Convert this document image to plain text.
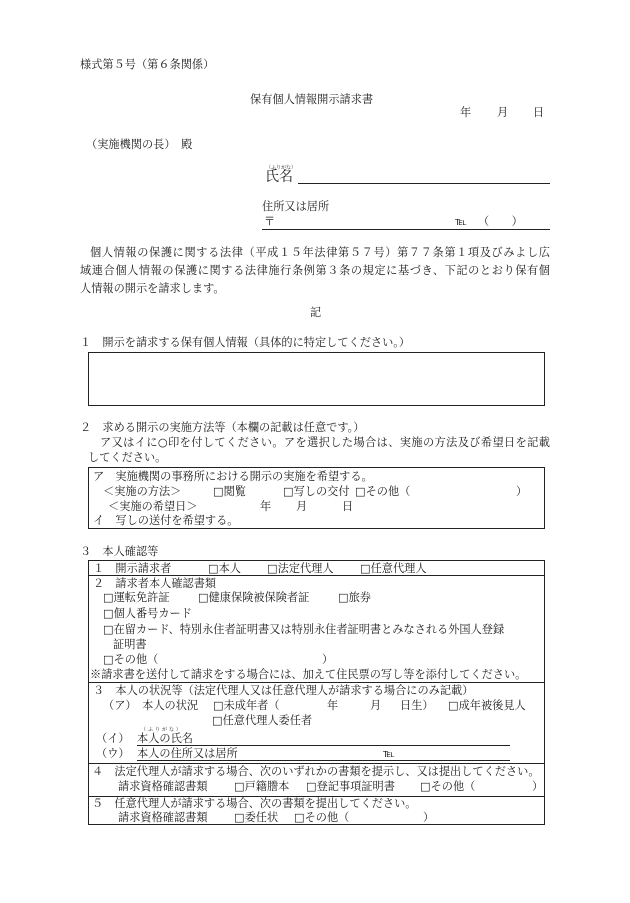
様式第５号（第６条関係）
保有個人情報開示請求書
年 月 日
（実施機関の長）　殿
（ふりがな）
氏名
住所又は居所
〒	℡ （　　）
個人情報の保護に関する法律（平成１５年法律第５７号）第７７条第１項及びみよし広
域連合個人情報の保護に関する法律施行条例第３条の規定に基づき、下記のとおり保有個
人情報の開示を請求します。
記
１　開示を請求する保有個人情報（具体的に特定してください。）
２　求める開示の実施方法等（本欄の記載は任意です。）
ア又はイに○印を付してください。アを選択した場合は、実施の方法及び希望日を記載
してください。
ア　実施機関の事務所における開示の実施を希望する。
＜実施の方法＞	□閲覧	□写しの交付 □その他（	）
＜実施の希望日＞	年 月	日
イ　写しの送付を希望する。
３　本人確認等
１　開示請求者	□本人 □法定代理人 □任意代理人
２　請求者本人確認書類
□運転免許証	□健康保険被保険者証	□旅券
□個人番号カード
□在留カード、特別永住者証明書又は特別永住者証明書とみなされる外国人登録
証明書
□その他（	）
※請求書を送付して請求をする場合には、加えて住民票の写し等を添付してください。
３　本人の状況等（法定代理人又は任意代理人が請求する場合にのみ記載）
（ア）　本人の状況 □未成年者（	年	月 日生） □成年被後見人
□任意代理人委任者
（ふりがな）
（イ） 本人の氏名
（ウ） 本人の住所又は居所	℡
４　法定代理人が請求する場合、次のいずれかの書類を提示し、又は提出してください。
請求資格確認書類 □戸籍謄本 □登記事項証明書 □その他（	）
５　任意代理人が請求する場合、次の書類を提出してください。
請求資格確認書類 □委任状 □その他（	）
